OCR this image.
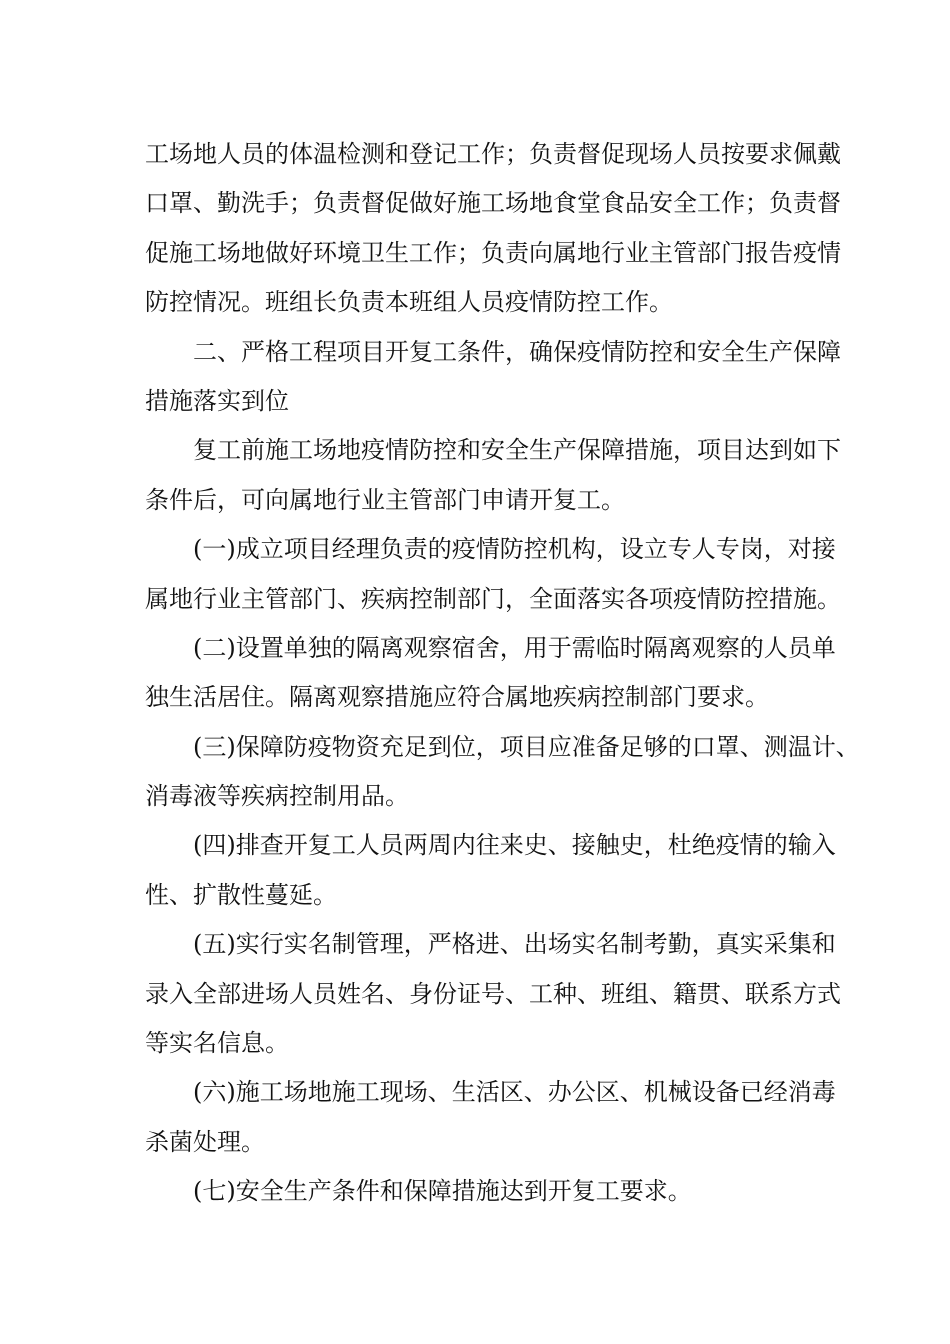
工场地人员的体温检测和登记工作；负责督促现场人员按要求佩戴
口罩、勤洗手；负责督促做好施工场地食堂食品安全工作；负责督
促施工场地做好环境卫生工作；负责向属地行业主管部门报告疫情
防控情况。班组长负责本班组人员疫情防控工作。
二、严格工程项目开复工条件，确保疫情防控和安全生产保障
措施落实到位
复工前施工场地疫情防控和安全生产保障措施，项目达到如下
条件后，可向属地行业主管部门申请开复工。
(一)成立项目经理负责的疫情防控机构，设立专人专岗，对接
属地行业主管部门、疾病控制部门，全面落实各项疫情防控措施。
(二)设置单独的隔离观察宿舍，用于需临时隔离观察的人员单
独生活居住。隔离观察措施应符合属地疾病控制部门要求。
(三)保障防疫物资充足到位，项目应准备足够的口罩、测温计、
消毒液等疾病控制用品。
(四)排查开复工人员两周内往来史、接触史，杜绝疫情的输入
性、扩散性蔓延。
(五)实行实名制管理，严格进、出场实名制考勤，真实采集和
录入全部进场人员姓名、身份证号、工种、班组、籍贯、联系方式
等实名信息。
(六)施工场地施工现场、生活区、办公区、机械设备已经消毒
杀菌处理。
(七)安全生产条件和保障措施达到开复工要求。
